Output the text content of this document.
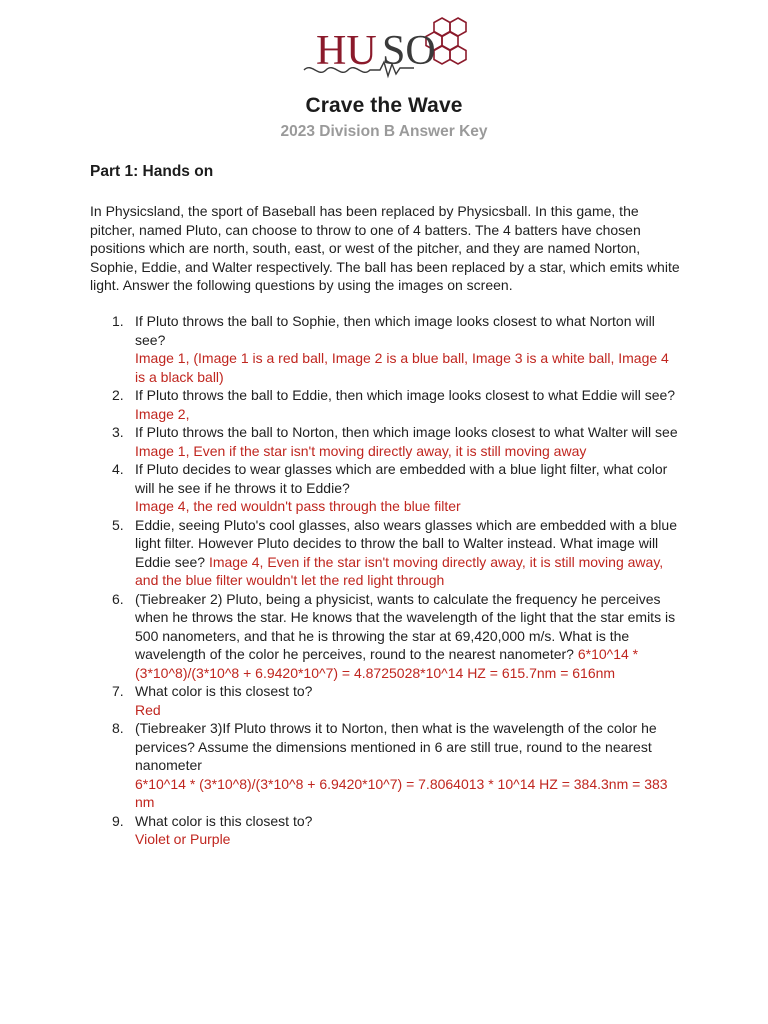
HU SO
Crave the Wave
2023 Division B Answer Key
Part 1: Hands on
In Physicsland, the sport of Baseball has been replaced by Physicsball. In this game, the pitcher, named Pluto, can choose to throw to one of 4 batters. The 4 batters have chosen positions which are north, south, east, or west of the pitcher, and they are named Norton, Sophie, Eddie, and Walter respectively. The ball has been replaced by a star, which emits white light. Answer the following questions by using the images on screen.
1. If Pluto throws the ball to Sophie, then which image looks closest to what Norton will see?
Image 1, (Image 1 is a red ball, Image 2 is a blue ball, Image 3 is a white ball, Image 4 is a black ball)
2. If Pluto throws the ball to Eddie, then which image looks closest to what Eddie will see?
Image 2,
3. If Pluto throws the ball to Norton, then which image looks closest to what Walter will see
Image 1, Even if the star isn't moving directly away, it is still moving away
4. If Pluto decides to wear glasses which are embedded with a blue light filter, what color will he see if he throws it to Eddie?
Image 4, the red wouldn't pass through the blue filter
5. Eddie, seeing Pluto's cool glasses, also wears glasses which are embedded with a blue light filter. However Pluto decides to throw the ball to Walter instead. What image will Eddie see? Image 4, Even if the star isn't moving directly away, it is still moving away, and the blue filter wouldn't let the red light through
6. (Tiebreaker 2) Pluto, being a physicist, wants to calculate the frequency he perceives when he throws the star. He knows that the wavelength of the light that the star emits is 500 nanometers, and that he is throwing the star at 69,420,000 m/s. What is the wavelength of the color he perceives, round to the nearest nanometer? 6*10^14 * (3*10^8)/(3*10^8 + 6.9420*10^7) = 4.8725028*10^14 HZ = 615.7nm = 616nm
7. What color is this closest to?
Red
8. (Tiebreaker 3)If Pluto throws it to Norton, then what is the wavelength of the color he pervices? Assume the dimensions mentioned in 6 are still true, round to the nearest nanometer
6*10^14 * (3*10^8)/(3*10^8 + 6.9420*10^7) = 7.8064013 * 10^14 HZ = 384.3nm = 383 nm
9. What color is this closest to?
Violet or Purple
